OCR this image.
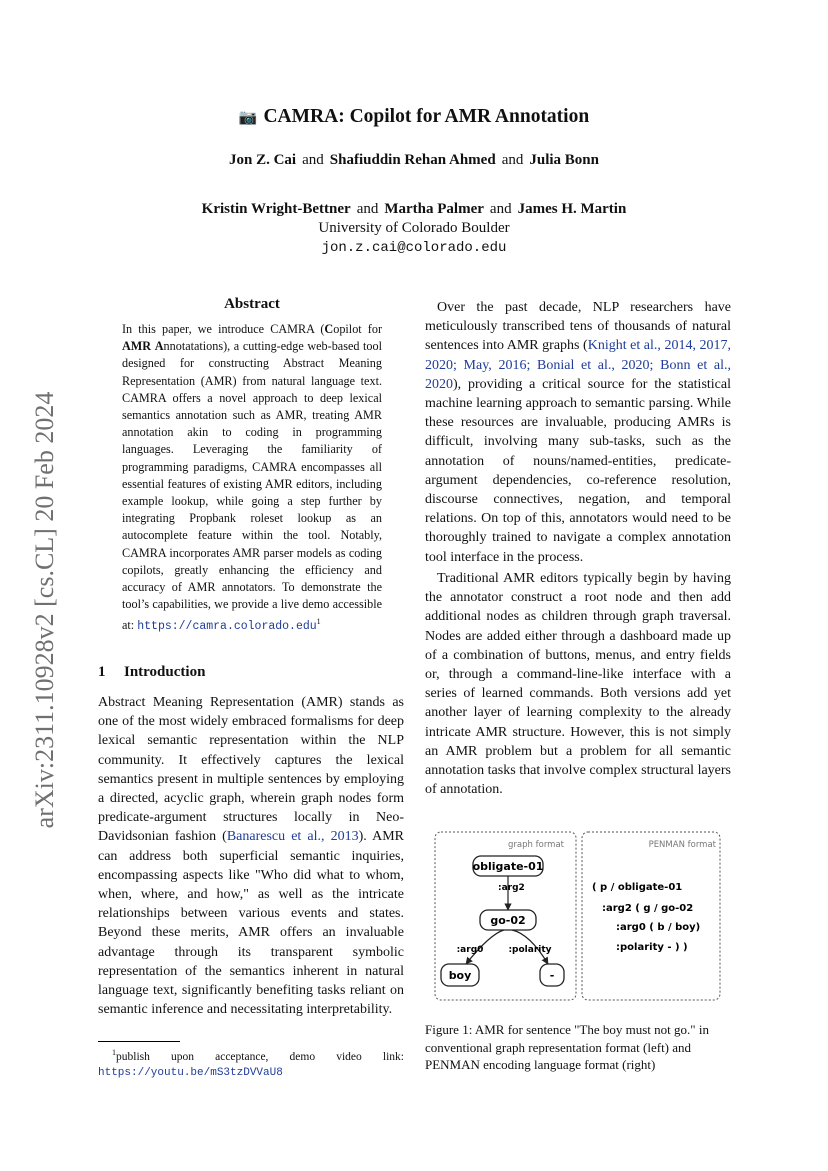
📷 CAMRA: Copilot for AMR Annotation
Jon Z. Cai and Shafiuddin Rehan Ahmed and Julia Bonn
Kristin Wright-Bettner and Martha Palmer and James H. Martin
University of Colorado Boulder
jon.z.cai@colorado.edu
arXiv:2311.10928v2 [cs.CL] 20 Feb 2024
Abstract
In this paper, we introduce CAMRA (Copilot for AMR Annotatations), a cutting-edge web-based tool designed for constructing Abstract Meaning Representation (AMR) from natural language text. CAMRA offers a novel approach to deep lexical semantics annotation such as AMR, treating AMR annotation akin to coding in programming languages. Leveraging the familiarity of programming paradigms, CAMRA encompasses all essential features of existing AMR editors, including example lookup, while going a step further by integrating Propbank roleset lookup as an autocomplete feature within the tool. Notably, CAMRA incorporates AMR parser models as coding copilots, greatly enhancing the efficiency and accuracy of AMR annotators. To demonstrate the tool’s capabilities, we provide a live demo accessible at: https://camra.colorado.edu$^1$
1 Introduction
Abstract Meaning Representation (AMR) stands as one of the most widely embraced formalisms for deep lexical semantic representation within the NLP community. It effectively captures the lexical semantics present in multiple sentences by employing a directed, acyclic graph, wherein graph nodes form predicate-argument structures locally in Neo-Davidsonian fashion (Banarescu et al., 2013). AMR can address both superficial semantic inquiries, encompassing aspects like "Who did what to whom, when, where, and how," as well as the intricate relationships between various events and states. Beyond these merits, AMR offers an invaluable advantage through its transparent symbolic representation of the semantics inherent in natural language text, significantly benefiting tasks reliant on semantic inference and necessitating interpretability.
Over the past decade, NLP researchers have meticulously transcribed tens of thousands of natural sentences into AMR graphs (Knight et al., 2014, 2017, 2020; May, 2016; Bonial et al., 2020; Bonn et al., 2020), providing a critical source for the statistical machine learning approach to semantic parsing. While these resources are invaluable, producing AMRs is difficult, involving many sub-tasks, such as the annotation of nouns/named-entities, predicate-argument dependencies, co-reference resolution, discourse connectives, negation, and temporal relations. On top of this, annotators would need to be thoroughly trained to navigate a complex annotation tool interface in the process.
Traditional AMR editors typically begin by having the annotator construct a root node and then add additional nodes as children through graph traversal. Nodes are added either through a dashboard made up of a combination of buttons, menus, and entry fields or, through a command-line-like interface with a series of learned commands. Both versions add yet another layer of learning complexity to the already intricate AMR structure. However, this is not simply an AMR problem but a problem for all semantic annotation tasks that involve complex structural layers of annotation.
$^1$publish upon acceptance, demo video link: https://youtu.be/mS3tzDVVaU8
graph format	PENMAN format
obligate-01
:arg2
go-02
:arg0	:polarity
boy	-
( p / obligate-01
:arg2 ( g / go-02
:arg0 ( b / boy)
:polarity - ) )
Figure 1: AMR for sentence "The boy must not go." in conventional graph representation format (left) and PENMAN encoding language format (right)
